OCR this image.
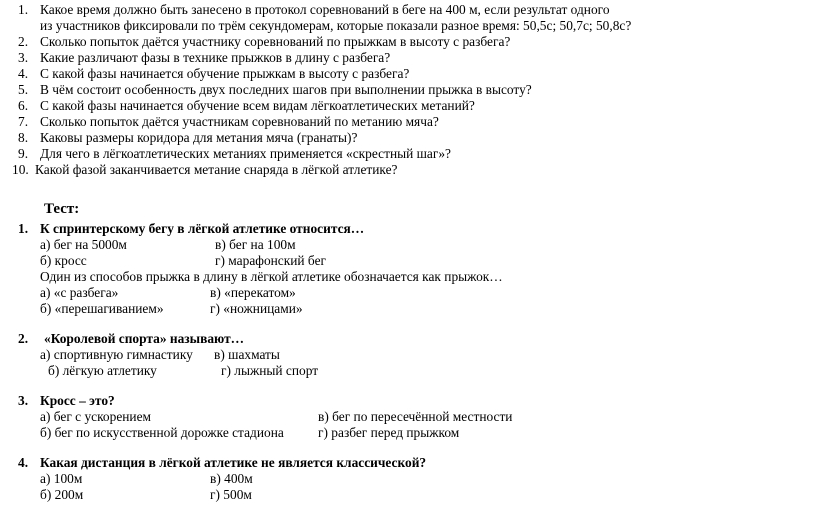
1. Какое время должно быть занесено в протокол соревнований в беге на 400 м, если результат одного
из участников фиксировали по трём секундомерам, которые показали разное время: 50,5с; 50,7с; 50,8с?
2. Сколько попыток даётся участнику соревнований по прыжкам в высоту с разбега?
3. Какие различают фазы в технике прыжков в длину с разбега?
4. С какой фазы начинается обучение прыжкам в высоту с разбега?
5. В чём состоит особенность двух последних шагов при выполнении прыжка в высоту?
6. С какой фазы начинается обучение всем видам лёгкоатлетических метаний?
7. Сколько попыток даётся участникам соревнований по метанию мяча?
8. Каковы размеры коридора для метания мяча (гранаты)?
9. Для чего в лёгкоатлетических метаниях применяется «скрестный шаг»?
10. Какой фазой заканчивается метание снаряда в лёгкой атлетике?
Тест:
1. К спринтерскому бегу в лёгкой атлетике относится…
а) бег на 5000м	в) бег на 100м
б) кросс	г) марафонский бег
Один из способов прыжка в длину в лёгкой атлетике обозначается как прыжок…
а) «с разбега»	в) «перекатом»
б) «перешагиванием»	г) «ножницами»
2. «Королевой спорта» называют…
а) спортивную гимнастику в) шахматы
б) лёгкую атлетику	г) лыжный спорт
3. Кросс – это?
а) бег с ускорением	в) бег по пересечённой местности
б) бег по искусственной дорожке стадиона	г) разбег перед прыжком
4. Какая дистанция в лёгкой атлетике не является классической?
а) 100м	в) 400м
б) 200м	г) 500м
